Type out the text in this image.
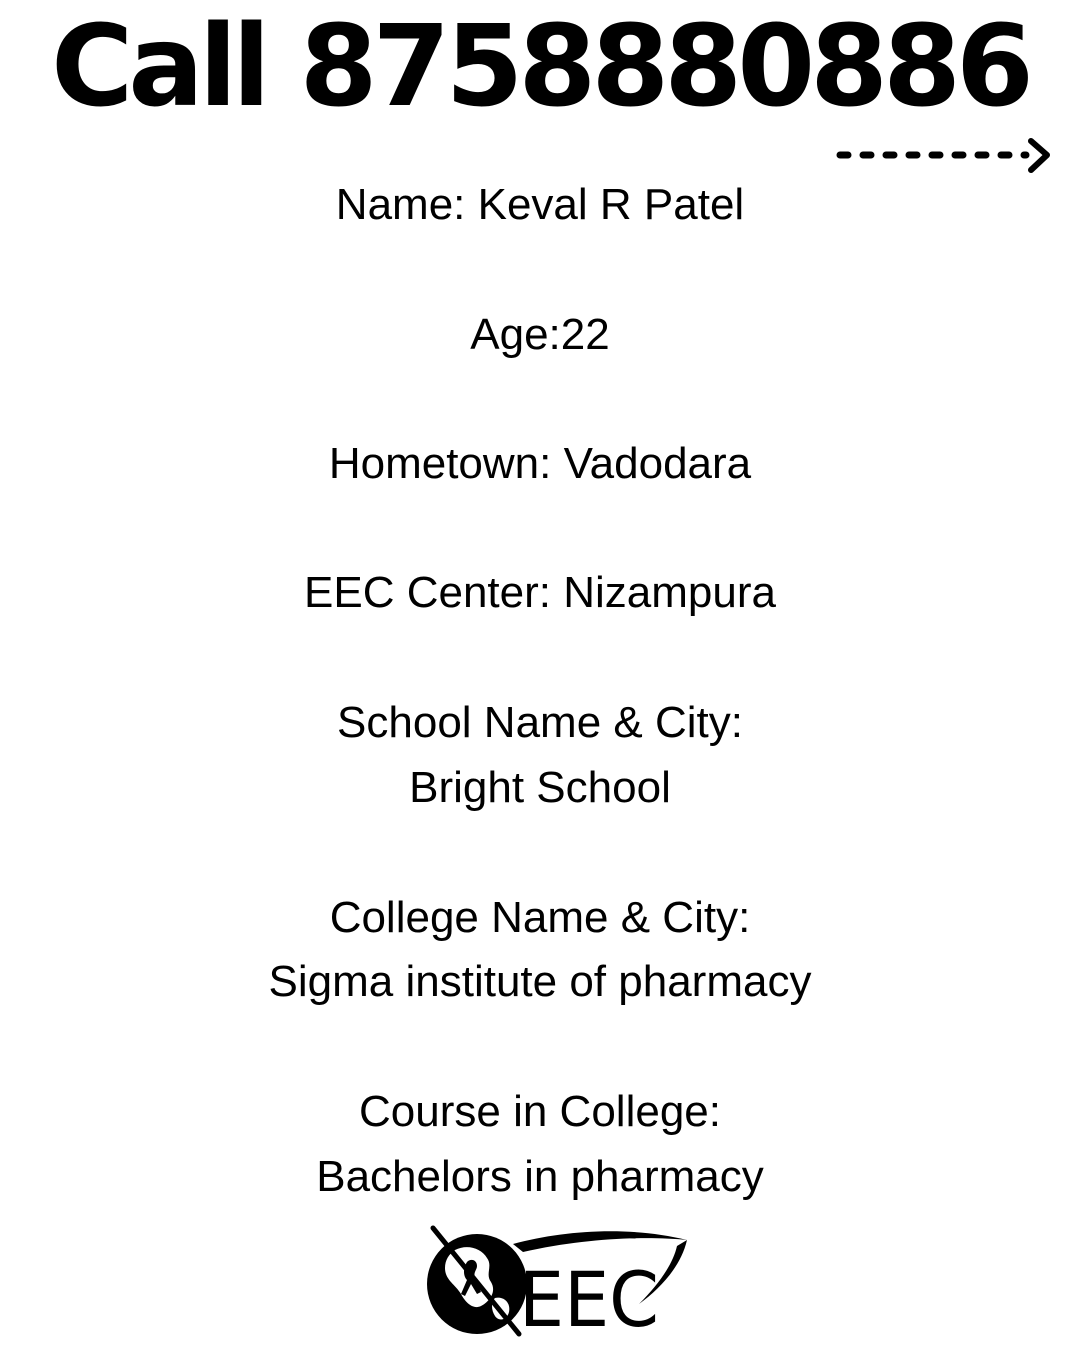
Call 8758880886
Name: Keval R Patel
Age:22
Hometown: Vadodara
EEC Center: Nizampura
School Name & City:
Bright School
College Name & City:
Sigma institute of pharmacy
Course in College:
Bachelors in pharmacy
EEC
